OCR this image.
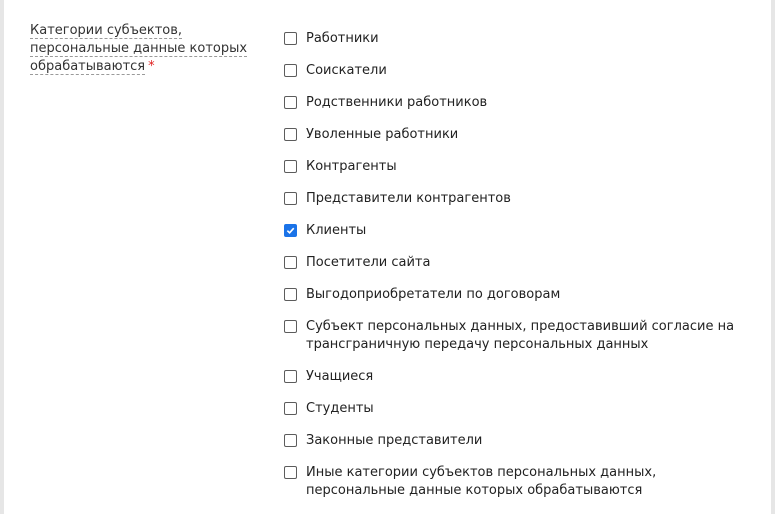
Категории субъектов, персональные данные которых обрабатываются *
Работники
Соискатели
Родственники работников
Уволенные работники
Контрагенты
Представители контрагентов
Клиенты
Посетители сайта
Выгодоприобретатели по договорам
Субъект персональных данных, предоставивший согласие на трансграничную передачу персональных данных
Учащиеся
Студенты
Законные представители
Иные категории субъектов персональных данных, персональные данные которых обрабатываются
